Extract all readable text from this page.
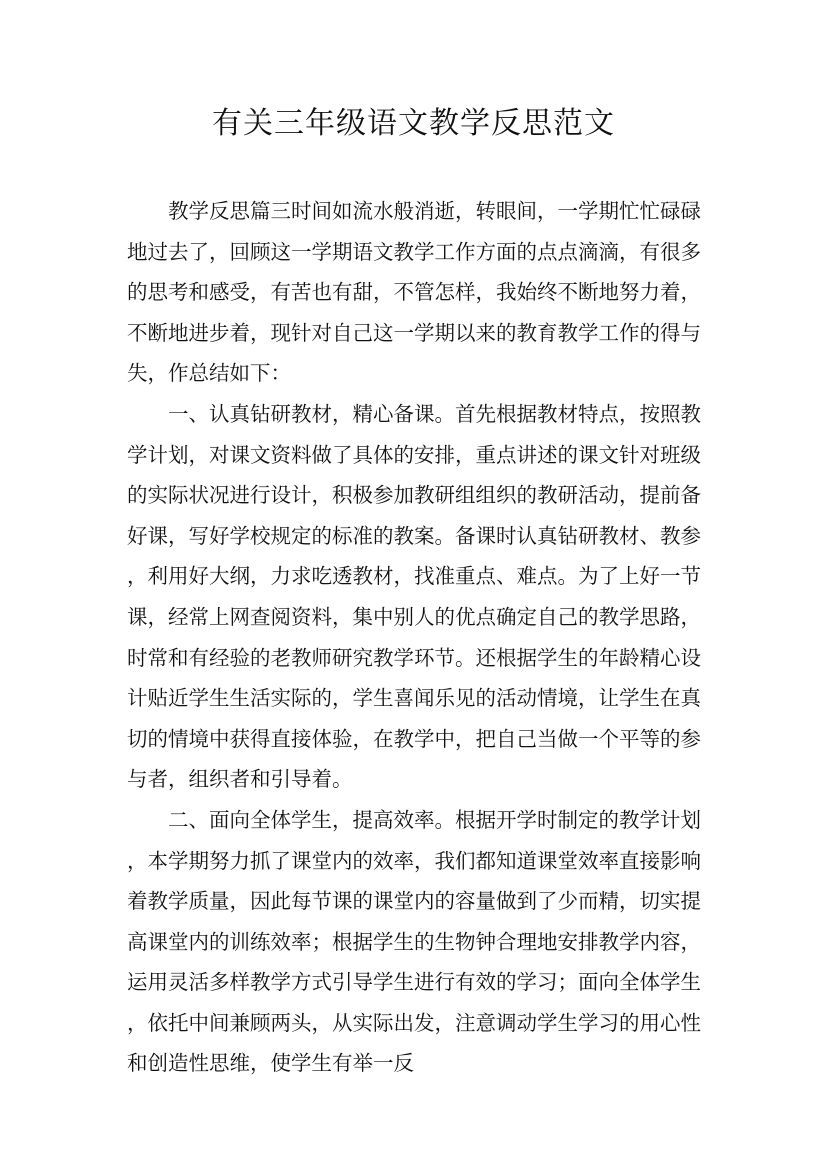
有关三年级语文教学反思范文

教学反思篇三时间如流水般消逝，转眼间，一学期忙忙碌碌地过去了，回顾这一学期语文教学工作方面的点点滴滴，有很多的思考和感受，有苦也有甜，不管怎样，我始终不断地努力着，不断地进步着，现针对自己这一学期以来的教育教学工作的得与失，作总结如下：

一、认真钻研教材，精心备课。首先根据教材特点，按照教学计划，对课文资料做了具体的安排，重点讲述的课文针对班级的实际状况进行设计，积极参加教研组组织的教研活动，提前备好课，写好学校规定的标准的教案。备课时认真钻研教材、教参，利用好大纲，力求吃透教材，找准重点、难点。为了上好一节课，经常上网查阅资料，集中别人的优点确定自己的教学思路，时常和有经验的老教师研究教学环节。还根据学生的年龄精心设计贴近学生生活实际的，学生喜闻乐见的活动情境，让学生在真切的情境中获得直接体验，在教学中，把自己当做一个平等的参与者，组织者和引导着。

二、面向全体学生，提高效率。根据开学时制定的教学计划，本学期努力抓了课堂内的效率，我们都知道课堂效率直接影响着教学质量，因此每节课的课堂内的容量做到了少而精，切实提高课堂内的训练效率；根据学生的生物钟合理地安排教学内容，运用灵活多样教学方式引导学生进行有效的学习；面向全体学生，依托中间兼顾两头，从实际出发，注意调动学生学习的用心性和创造性思维，使学生有举一反
